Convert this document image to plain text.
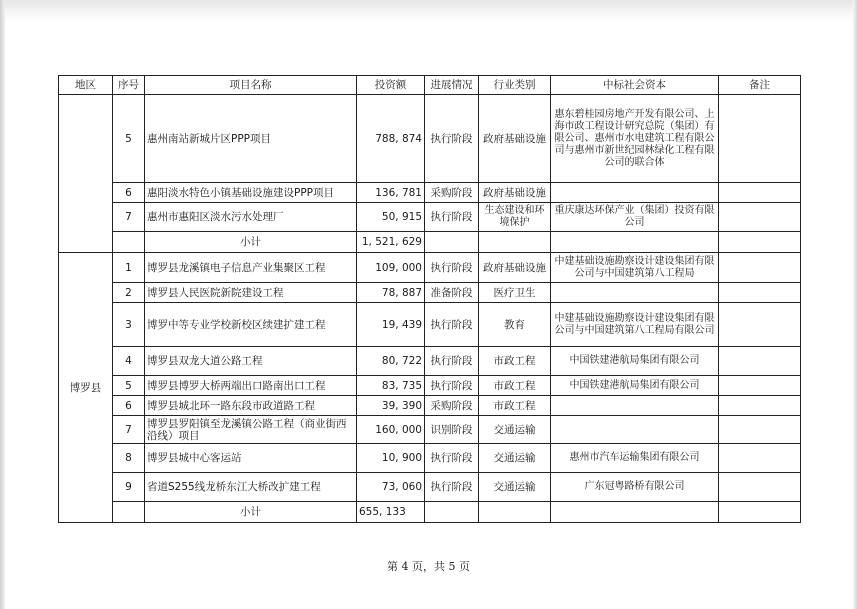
地区	序号	项目名称	投资额	进展情况	行业类别	中标社会资本	备注
	5	惠州南站新城片区PPP项目	788, 874	执行阶段	政府基础设施	惠东碧桂园房地产开发有限公司、上海市政工程设计研究总院（集团）有限公司、惠州市水电建筑工程有限公司与惠州市新世纪园林绿化工程有限公司的联合体	
	6	惠阳淡水特色小镇基础设施建设PPP项目	136, 781	采购阶段	政府基础设施		
	7	惠州市惠阳区淡水污水处理厂	50, 915	执行阶段	生态建设和环境保护	重庆康达环保产业（集团）投资有限公司	
		小计	1, 521, 629				
博罗县	1	博罗县龙溪镇电子信息产业集聚区工程	109, 000	执行阶段	政府基础设施	中建基础设施勘察设计建设集团有限公司与中国建筑第八工程局	
	2	博罗县人民医院新院建设工程	78, 887	准备阶段	医疗卫生		
	3	博罗中等专业学校新校区续建扩建工程	19, 439	执行阶段	教育	中建基础设施勘察设计建设集团有限公司与中国建筑第八工程局有限公司	
	4	博罗县双龙大道公路工程	80, 722	执行阶段	市政工程	中国铁建港航局集团有限公司	
	5	博罗县博罗大桥两端出口路南出口工程	83, 735	执行阶段	市政工程	中国铁建港航局集团有限公司	
	6	博罗县城北环一路东段市政道路工程	39, 390	采购阶段	市政工程		
	7	博罗县罗阳镇至龙溪镇公路工程（商业街西沿线）项目	160, 000	识别阶段	交通运输		
	8	博罗县城中心客运站	10, 900	执行阶段	交通运输	惠州市汽车运输集团有限公司	
	9	省道S255线龙桥东江大桥改扩建工程	73, 060	执行阶段	交通运输	广东冠粤路桥有限公司	
		小计	655, 133				
第 4 页，共 5 页
